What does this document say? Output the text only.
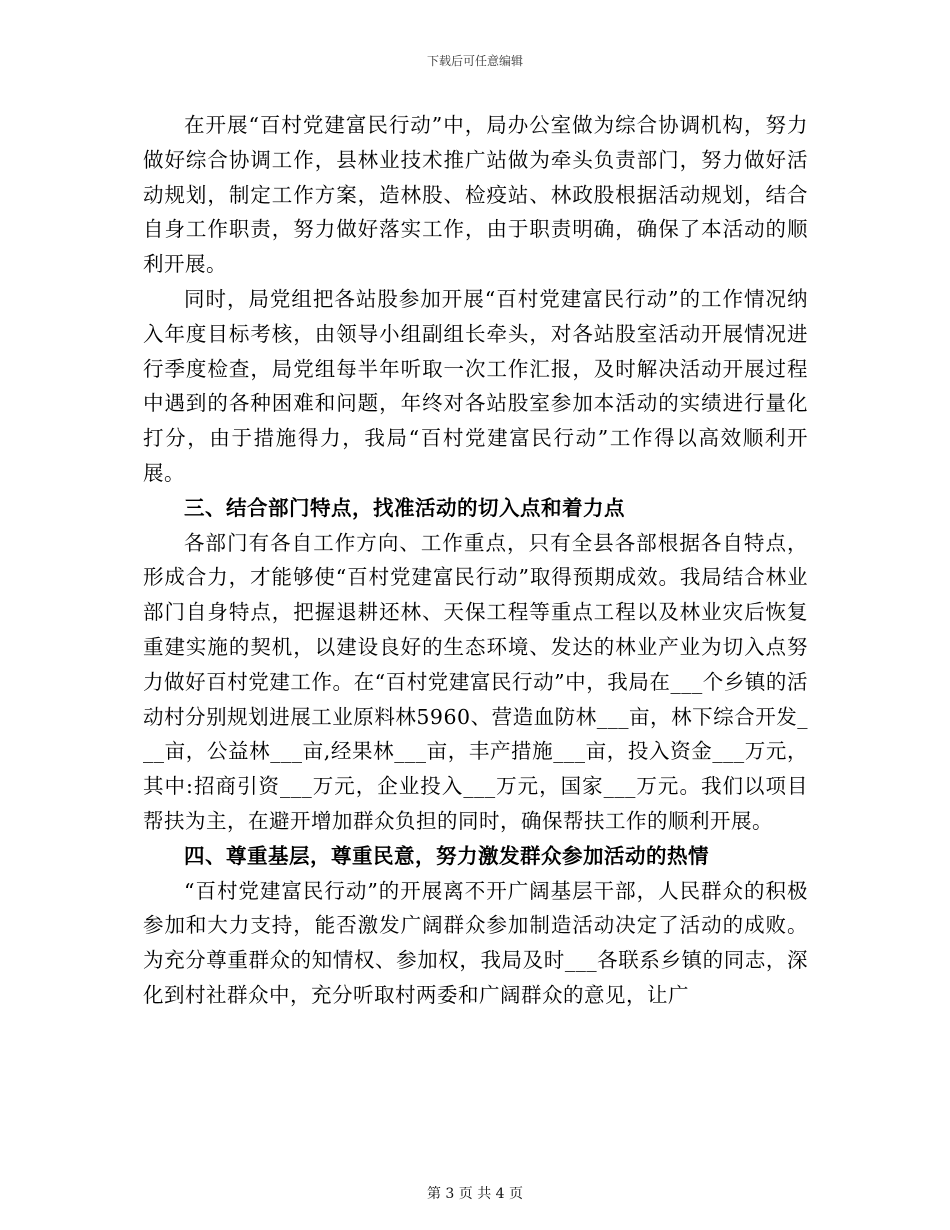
下载后可任意编辑

在开展“百村党建富民行动”中，局办公室做为综合协调机构，努力做好综合协调工作，县林业技术推广站做为牵头负责部门，努力做好活动规划，制定工作方案，造林股、检疫站、林政股根据活动规划，结合自身工作职责，努力做好落实工作，由于职责明确，确保了本活动的顺利开展。

同时，局党组把各站股参加开展“百村党建富民行动”的工作情况纳入年度目标考核，由领导小组副组长牵头，对各站股室活动开展情况进行季度检查，局党组每半年听取一次工作汇报，及时解决活动开展过程中遇到的各种困难和问题，年终对各站股室参加本活动的实绩进行量化打分，由于措施得力，我局“百村党建富民行动”工作得以高效顺利开展。

三、结合部门特点，找准活动的切入点和着力点

各部门有各自工作方向、工作重点，只有全县各部根据各自特点，形成合力，才能够使“百村党建富民行动”取得预期成效。我局结合林业部门自身特点，把握退耕还林、天保工程等重点工程以及林业灾后恢复重建实施的契机，以建设良好的生态环境、发达的林业产业为切入点努力做好百村党建工作。在“百村党建富民行动”中，我局在___个乡镇的活动村分别规划进展工业原料林5960、营造血防林___亩，林下综合开发___亩，公益林___亩,经果林___亩，丰产措施___亩，投入资金___万元，其中:招商引资___万元，企业投入___万元，国家___万元。我们以项目帮扶为主，在避开增加群众负担的同时，确保帮扶工作的顺利开展。

四、尊重基层，尊重民意，努力激发群众参加活动的热情

“百村党建富民行动”的开展离不开广阔基层干部，人民群众的积极参加和大力支持，能否激发广阔群众参加制造活动决定了活动的成败。为充分尊重群众的知情权、参加权，我局及时___各联系乡镇的同志，深化到村社群众中，充分听取村两委和广阔群众的意见，让广

第 3 页 共 4 页
